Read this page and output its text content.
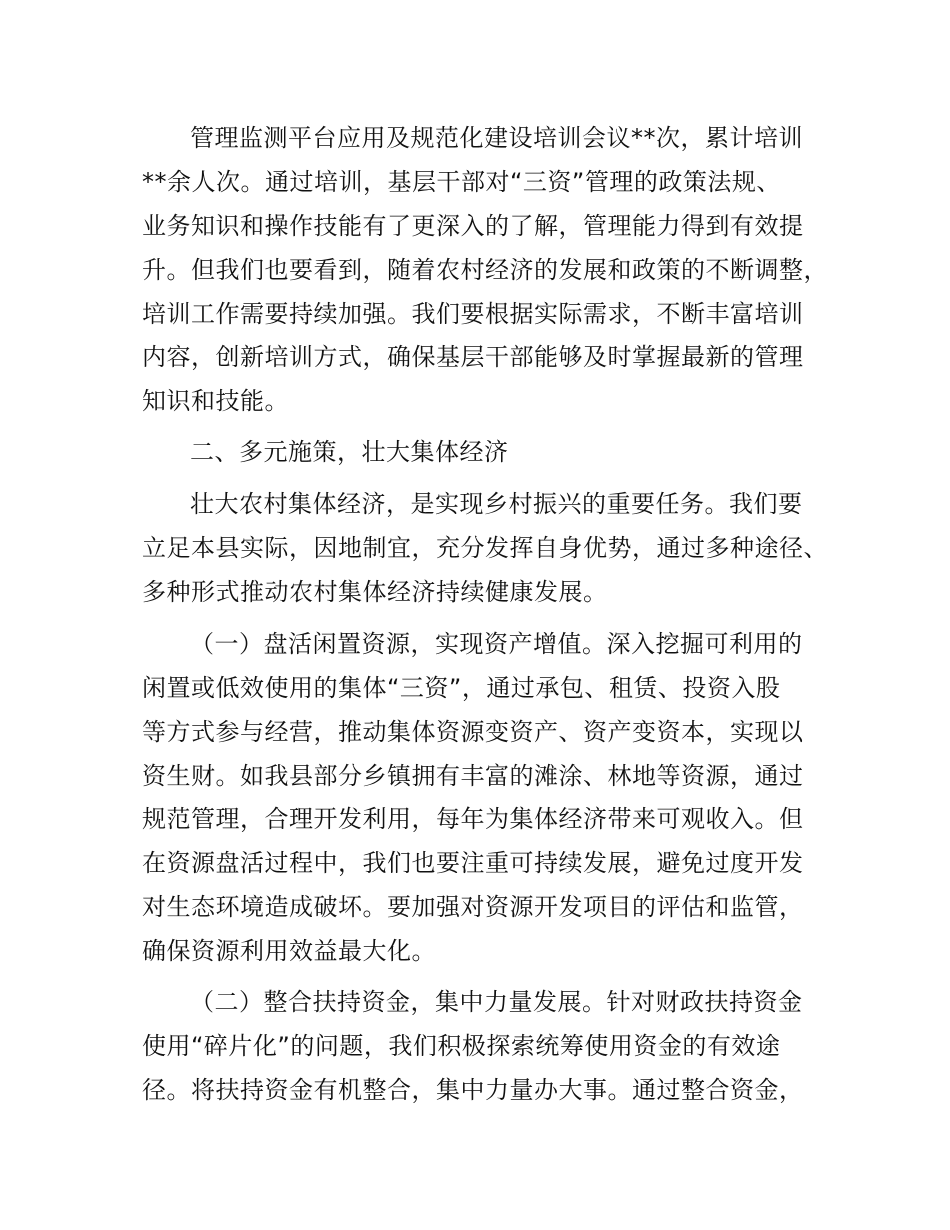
管理监测平台应用及规范化建设培训会议**次，累计培训
**余人次。通过培训，基层干部对“三资”管理的政策法规、
业务知识和操作技能有了更深入的了解，管理能力得到有效提
升。但我们也要看到，随着农村经济的发展和政策的不断调整，
培训工作需要持续加强。我们要根据实际需求，不断丰富培训
内容，创新培训方式，确保基层干部能够及时掌握最新的管理
知识和技能。
二、多元施策，壮大集体经济
壮大农村集体经济，是实现乡村振兴的重要任务。我们要
立足本县实际，因地制宜，充分发挥自身优势，通过多种途径、
多种形式推动农村集体经济持续健康发展。
（一）盘活闲置资源，实现资产增值。深入挖掘可利用的
闲置或低效使用的集体“三资”，通过承包、租赁、投资入股
等方式参与经营，推动集体资源变资产、资产变资本，实现以
资生财。如我县部分乡镇拥有丰富的滩涂、林地等资源，通过
规范管理，合理开发利用，每年为集体经济带来可观收入。但
在资源盘活过程中，我们也要注重可持续发展，避免过度开发
对生态环境造成破坏。要加强对资源开发项目的评估和监管，
确保资源利用效益最大化。
（二）整合扶持资金，集中力量发展。针对财政扶持资金
使用“碎片化”的问题，我们积极探索统筹使用资金的有效途
径。将扶持资金有机整合，集中力量办大事。通过整合资金，
